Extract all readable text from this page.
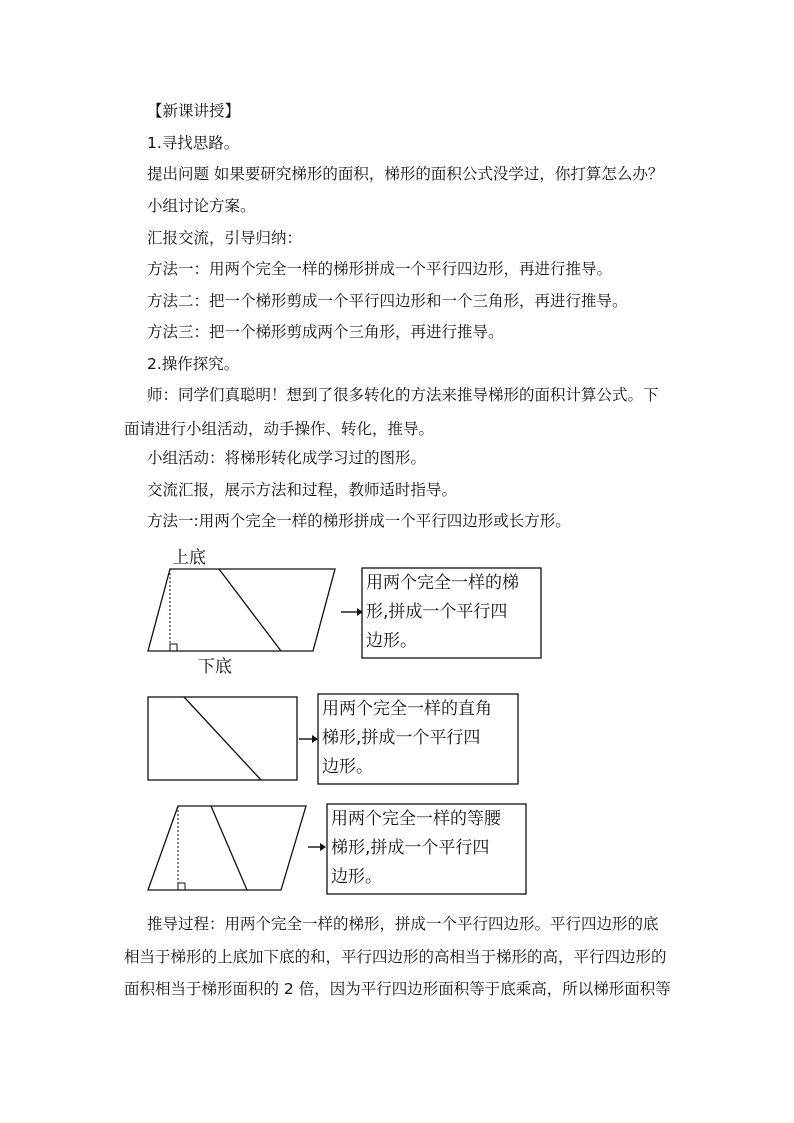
【新课讲授】
1.寻找思路。
提出问题 如果要研究梯形的面积，梯形的面积公式没学过，你打算怎么办？
小组讨论方案。
汇报交流，引导归纳：
方法一：用两个完全一样的梯形拼成一个平行四边形，再进行推导。
方法二：把一个梯形剪成一个平行四边形和一个三角形，再进行推导。
方法三：把一个梯形剪成两个三角形，再进行推导。
2.操作探究。
师：同学们真聪明！想到了很多转化的方法来推导梯形的面积计算公式。下
面请进行小组活动，动手操作、转化，推导。
小组活动：将梯形转化成学习过的图形。
交流汇报，展示方法和过程，教师适时指导。
方法一:用两个完全一样的梯形拼成一个平行四边形或长方形。
上底
下底
用两个完全一样的梯
形,拼成一个平行四
边形。
用两个完全一样的直角
梯形,拼成一个平行四
边形。
用两个完全一样的等腰
梯形,拼成一个平行四
边形。
推导过程：用两个完全一样的梯形，拼成一个平行四边形。平行四边形的底
相当于梯形的上底加下底的和，平行四边形的高相当于梯形的高，平行四边形的
面积相当于梯形面积的 2 倍，因为平行四边形面积等于底乘高，所以梯形面积等
